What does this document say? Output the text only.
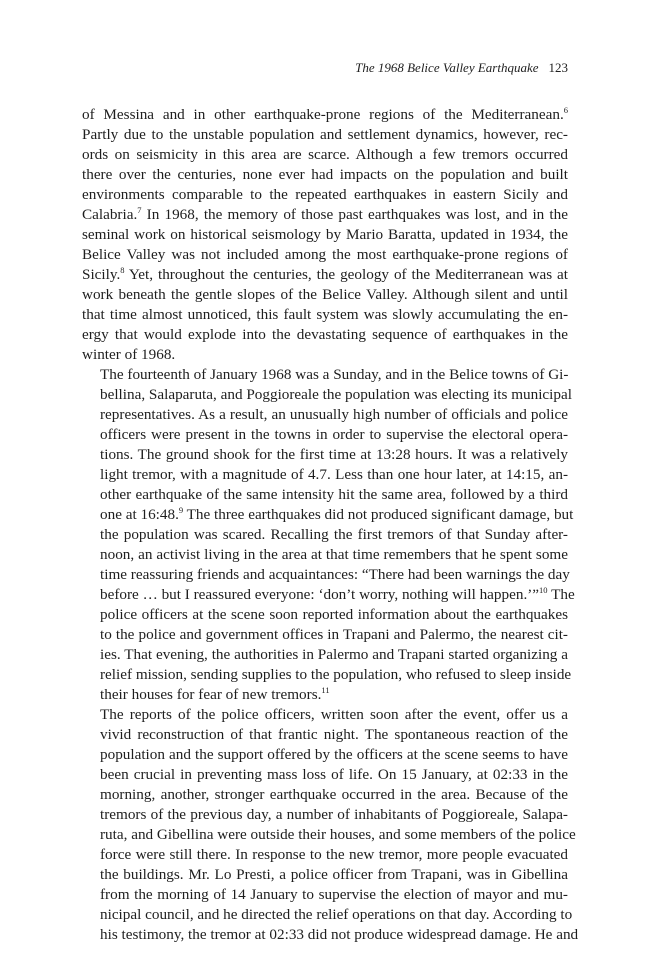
The 1968 Belice Valley Earthquake 123

of Messina and in other earthquake-prone regions of the Mediterranean.$^6$
Partly due to the unstable population and settlement dynamics, however, rec-
ords on seismicity in this area are scarce. Although a few tremors occurred
there over the centuries, none ever had impacts on the population and built
environments comparable to the repeated earthquakes in eastern Sicily and
Calabria.$^7$ In 1968, the memory of those past earthquakes was lost, and in the
seminal work on historical seismology by Mario Baratta, updated in 1934, the
Belice Valley was not included among the most earthquake-prone regions of
Sicily.$^8$ Yet, throughout the centuries, the geology of the Mediterranean was at
work beneath the gentle slopes of the Belice Valley. Although silent and until
that time almost unnoticed, this fault system was slowly accumulating the en-
ergy that would explode into the devastating sequence of earthquakes in the
winter of 1968.

The fourteenth of January 1968 was a Sunday, and in the Belice towns of Gi-
bellina, Salaparuta, and Poggioreale the population was electing its municipal
representatives. As a result, an unusually high number of officials and police
officers were present in the towns in order to supervise the electoral opera-
tions. The ground shook for the first time at 13:28 hours. It was a relatively
light tremor, with a magnitude of 4.7. Less than one hour later, at 14:15, an-
other earthquake of the same intensity hit the same area, followed by a third
one at 16:48.$^9$ The three earthquakes did not produced significant damage, but
the population was scared. Recalling the first tremors of that Sunday after-
noon, an activist living in the area at that time remembers that he spent some
time reassuring friends and acquaintances: “There had been warnings the day
before … but I reassured everyone: ‘don’t worry, nothing will happen.’”$^{10}$ The
police officers at the scene soon reported information about the earthquakes
to the police and government offices in Trapani and Palermo, the nearest cit-
ies. That evening, the authorities in Palermo and Trapani started organizing a
relief mission, sending supplies to the population, who refused to sleep inside
their houses for fear of new tremors.$^{11}$

The reports of the police officers, written soon after the event, offer us a
vivid reconstruction of that frantic night. The spontaneous reaction of the
population and the support offered by the officers at the scene seems to have
been crucial in preventing mass loss of life. On 15 January, at 02:33 in the
morning, another, stronger earthquake occurred in the area. Because of the
tremors of the previous day, a number of inhabitants of Poggioreale, Salapa-
ruta, and Gibellina were outside their houses, and some members of the police
force were still there. In response to the new tremor, more people evacuated
the buildings. Mr. Lo Presti, a police officer from Trapani, was in Gibellina
from the morning of 14 January to supervise the election of mayor and mu-
nicipal council, and he directed the relief operations on that day. According to
his testimony, the tremor at 02:33 did not produce widespread damage. He and
